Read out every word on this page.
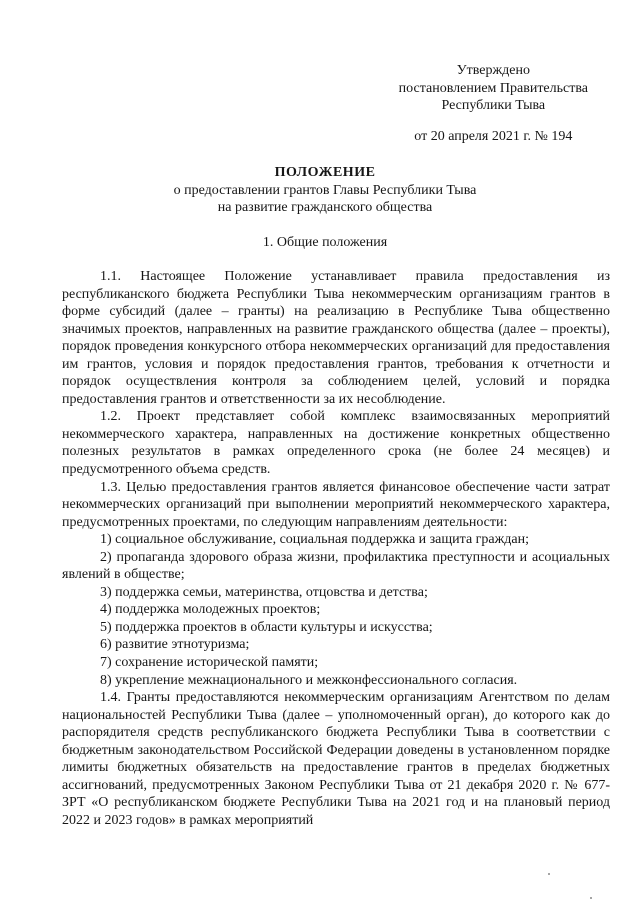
Утверждено
постановлением Правительства
Республики Тыва
от 20 апреля 2021 г. № 194
ПОЛОЖЕНИЕ
о предоставлении грантов Главы Республики Тыва
на развитие гражданского общества
1. Общие положения

1.1. Настоящее Положение устанавливает правила предоставления из республиканского бюджета Республики Тыва некоммерческим организациям грантов в форме субсидий (далее – гранты) на реализацию в Республике Тыва общественно значимых проектов, направленных на развитие гражданского общества (далее – проекты), порядок проведения конкурсного отбора некоммерческих организаций для предоставления им грантов, условия и порядок предоставления грантов, требования к отчетности и порядок осуществления контроля за соблюдением целей, условий и порядка предоставления грантов и ответственности за их несоблюдение.

1.2. Проект представляет собой комплекс взаимосвязанных мероприятий некоммерческого характера, направленных на достижение конкретных общественно полезных результатов в рамках определенного срока (не более 24 месяцев) и предусмотренного объема средств.

1.3. Целью предоставления грантов является финансовое обеспечение части затрат некоммерческих организаций при выполнении мероприятий некоммерческого характера, предусмотренных проектами, по следующим направлениям деятельности:

1) социальное обслуживание, социальная поддержка и защита граждан;

2) пропаганда здорового образа жизни, профилактика преступности и асоциальных явлений в обществе;

3) поддержка семьи, материнства, отцовства и детства;

4) поддержка молодежных проектов;

5) поддержка проектов в области культуры и искусства;

6) развитие этнотуризма;

7) сохранение исторической памяти;

8) укрепление межнационального и межконфессионального согласия.

1.4. Гранты предоставляются некоммерческим организациям Агентством по делам национальностей Республики Тыва (далее – уполномоченный орган), до которого как до распорядителя средств республиканского бюджета Республики Тыва в соответствии с бюджетным законодательством Российской Федерации доведены в установленном порядке лимиты бюджетных обязательств на предоставление грантов в пределах бюджетных ассигнований, предусмотренных Законом Республики Тыва от 21 декабря 2020 г. № 677-ЗРТ «О республиканском бюджете Республики Тыва на 2021 год и на плановый период 2022 и 2023 годов» в рамках мероприятий
